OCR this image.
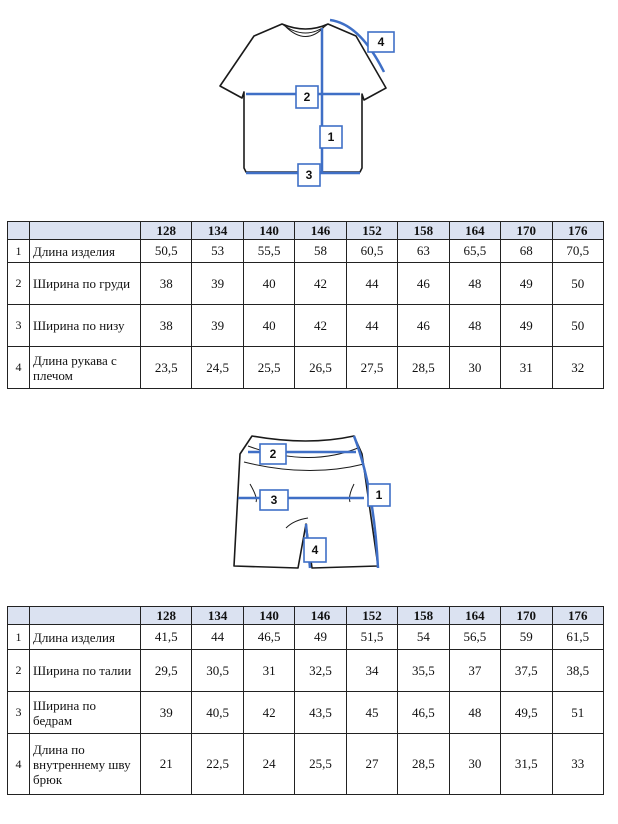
1
2
3
4
		128	134	140	146	152	158	164	170	176
1	Длина изделия	50,5	53	55,5	58	60,5	63	65,5	68	70,5
2	Ширина по груди	38	39	40	42	44	46	48	49	50
3	Ширина по низу	38	39	40	42	44	46	48	49	50
4	Длина рукава с плечом	23,5	24,5	25,5	26,5	27,5	28,5	30	31	32
1
2
3
4
		128	134	140	146	152	158	164	170	176
1	Длина изделия	41,5	44	46,5	49	51,5	54	56,5	59	61,5
2	Ширина по талии	29,5	30,5	31	32,5	34	35,5	37	37,5	38,5
3	Ширина по бедрам	39	40,5	42	43,5	45	46,5	48	49,5	51
4	Длина по внутреннему шву брюк	21	22,5	24	25,5	27	28,5	30	31,5	33
